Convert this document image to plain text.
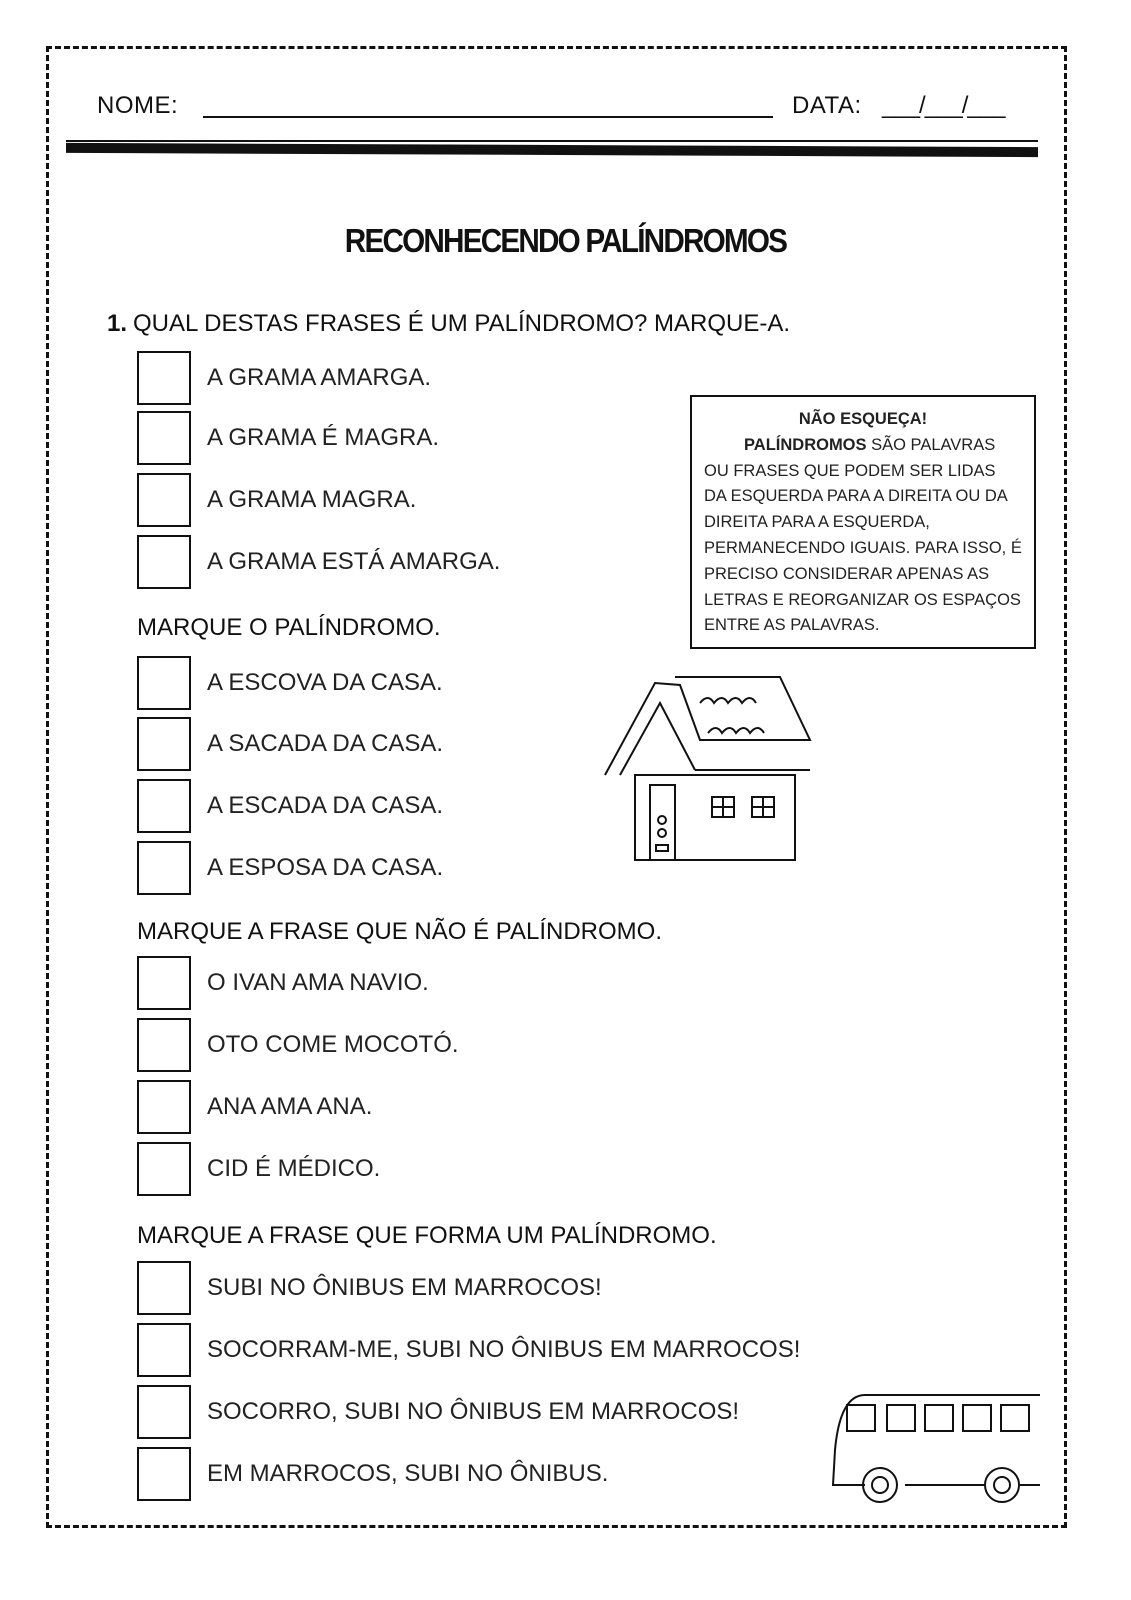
NOME:	DATA: ___/___/___
RECONHECENDO PALÍNDROMOS
1. QUAL DESTAS FRASES É UM PALÍNDROMO? MARQUE-A.
NÃO ESQUEÇA!
PALÍNDROMOS SÃO PALAVRAS OU FRASES QUE PODEM SER LIDAS DA ESQUERDA PARA A DIREITA OU DA DIREITA PARA A ESQUERDA, PERMANECENDO IGUAIS. PARA ISSO, É PRECISO CONSIDERAR APENAS AS LETRAS E REORGANIZAR OS ESPAÇOS ENTRE AS PALAVRAS.
A GRAMA AMARGA.
A GRAMA É MAGRA.
A GRAMA MAGRA.
A GRAMA ESTÁ AMARGA.
MARQUE O PALÍNDROMO.
A ESCOVA DA CASA.
A SACADA DA CASA.
A ESCADA DA CASA.
A ESPOSA DA CASA.
MARQUE A FRASE QUE NÃO É PALÍNDROMO.
O IVAN AMA NAVIO.
OTO COME MOCOTÓ.
ANA AMA ANA.
CID É MÉDICO.
MARQUE A FRASE QUE FORMA UM PALÍNDROMO.
SUBI NO ÔNIBUS EM MARROCOS!
SOCORRAM-ME, SUBI NO ÔNIBUS EM MARROCOS!
SOCORRO, SUBI NO ÔNIBUS EM MARROCOS!
EM MARROCOS, SUBI NO ÔNIBUS.
